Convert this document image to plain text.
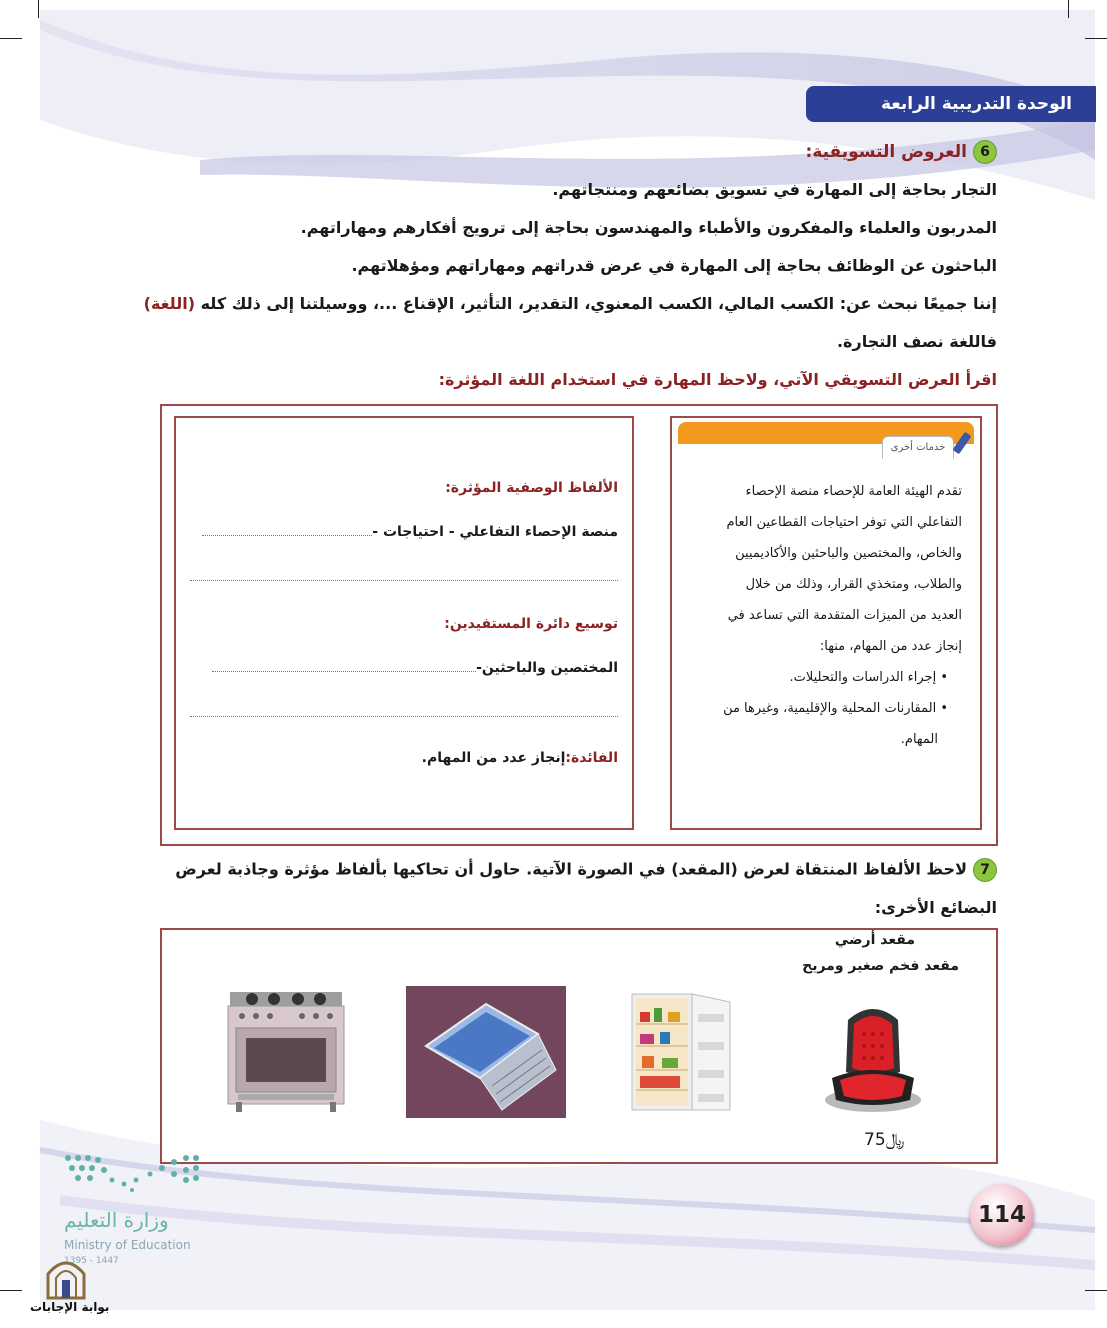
الوحدة التدريبية الرابعة
6العروض التسويقية:
التجار بحاجة إلى المهارة في تسويق بضائعهم ومنتجاتهم.
المدربون والعلماء والمفكرون والأطباء والمهندسون بحاجة إلى ترويج أفكارهم ومهاراتهم.
الباحثون عن الوظائف بحاجة إلى المهارة في عرض قدراتهم ومهاراتهم ومؤهلاتهم.
إننا جميعًا نبحث عن: الكسب المالي، الكسب المعنوي، التقدير، التأثير، الإقناع ...، ووسيلتنا إلى ذلك كله (اللغة)
فاللغة نصف التجارة.
اقرأ العرض التسويقي الآتي، ولاحظ المهارة في استخدام اللغة المؤثرة:
خدمات أخرى
تقدم الهيئة العامة للإحصاء منصة الإحصاء
التفاعلي التي توفر احتياجات القطاعين العام
والخاص، والمختصين والباحثين والأكاديميين
والطلاب، ومتخذي القرار، وذلك من خلال
العديد من الميزات المتقدمة التي تساعد في
إنجاز عدد من المهام، منها:
• إجراء الدراسات والتحليلات.
• المقارنات المحلية والإقليمية، وغيرها من
المهام.
الألفاظ الوصفية المؤثرة:
منصة الإحصاء التفاعلي - احتياجات -
توسيع دائرة المستفيدين:
المختصين والباحثين-
الفائدة:إنجاز عدد من المهام.
7لاحظ الألفاظ المنتقاة لعرض (المقعد) في الصورة الآتية. حاول أن تحاكيها بألفاظ مؤثرة وجاذبة لعرض
البضائع الأخرى:
مقعد أرضي
مقعد فخم صغير ومريح
﷼75
وزارة التعليم
Ministry of Education
1395 - 1447
بوابة الإجابات
114
